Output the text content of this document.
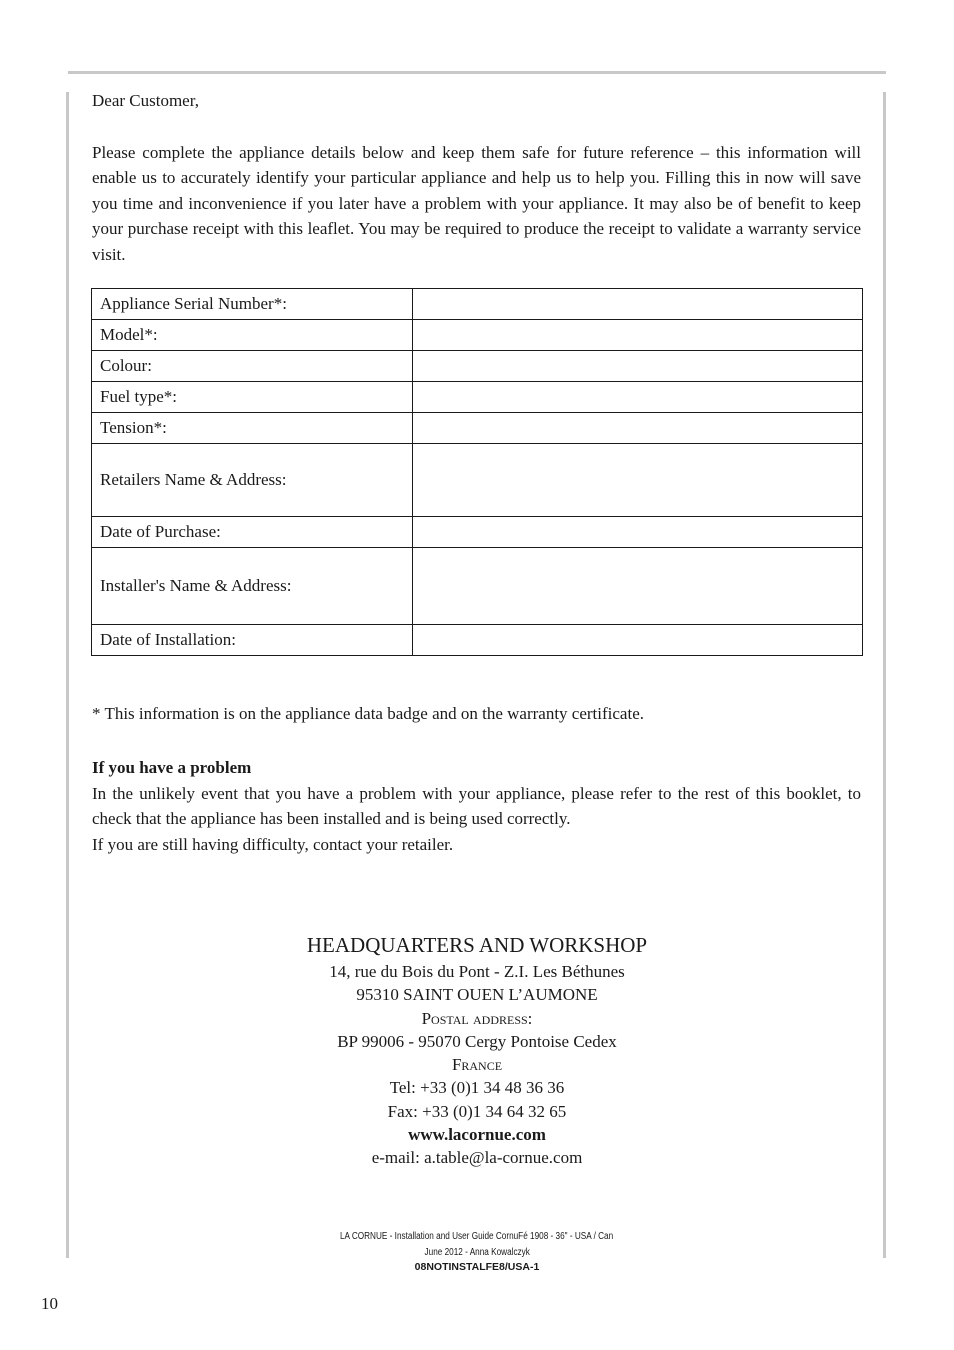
Dear Customer,

Please complete the appliance details below and keep them safe for future reference – this information will enable us to accurately identify your particular appliance and help us to help you. Filling this in now will save you time and inconvenience if you later have a problem with your appliance. It may also be of benefit to keep your purchase receipt with this leaflet. You may be required to produce the receipt to validate a warranty service visit.

Appliance Serial Number*:	
Model*:	
Colour:	
Fuel type*:	
Tension*:	
Retailers Name & Address:	
Date of Purchase:	
Installer's Name & Address:	
Date of Installation:	
* This information is on the appliance data badge and on the warranty certificate.
If you have a problem
In the unlikely event that you have a problem with your appliance, please refer to the rest of this booklet, to check that the appliance has been installed and is being used correctly.
If you are still having difficulty, contact your retailer.
HEADQUARTERS AND WORKSHOP
14, rue du Bois du Pont - Z.I. Les Béthunes
95310 SAINT OUEN L’AUMONE
Postal address:
BP 99006 - 95070 Cergy Pontoise Cedex
France
Tel: +33 (0)1 34 48 36 36
Fax: +33 (0)1 34 64 32 65
www.lacornue.com
e-mail: a.table@la-cornue.com
LA CORNUE - Installation and User Guide CornuFé 1908 - 36" - USA / Can
June 2012 - Anna Kowalczyk
08NOTINSTALFE8/USA-1
10
